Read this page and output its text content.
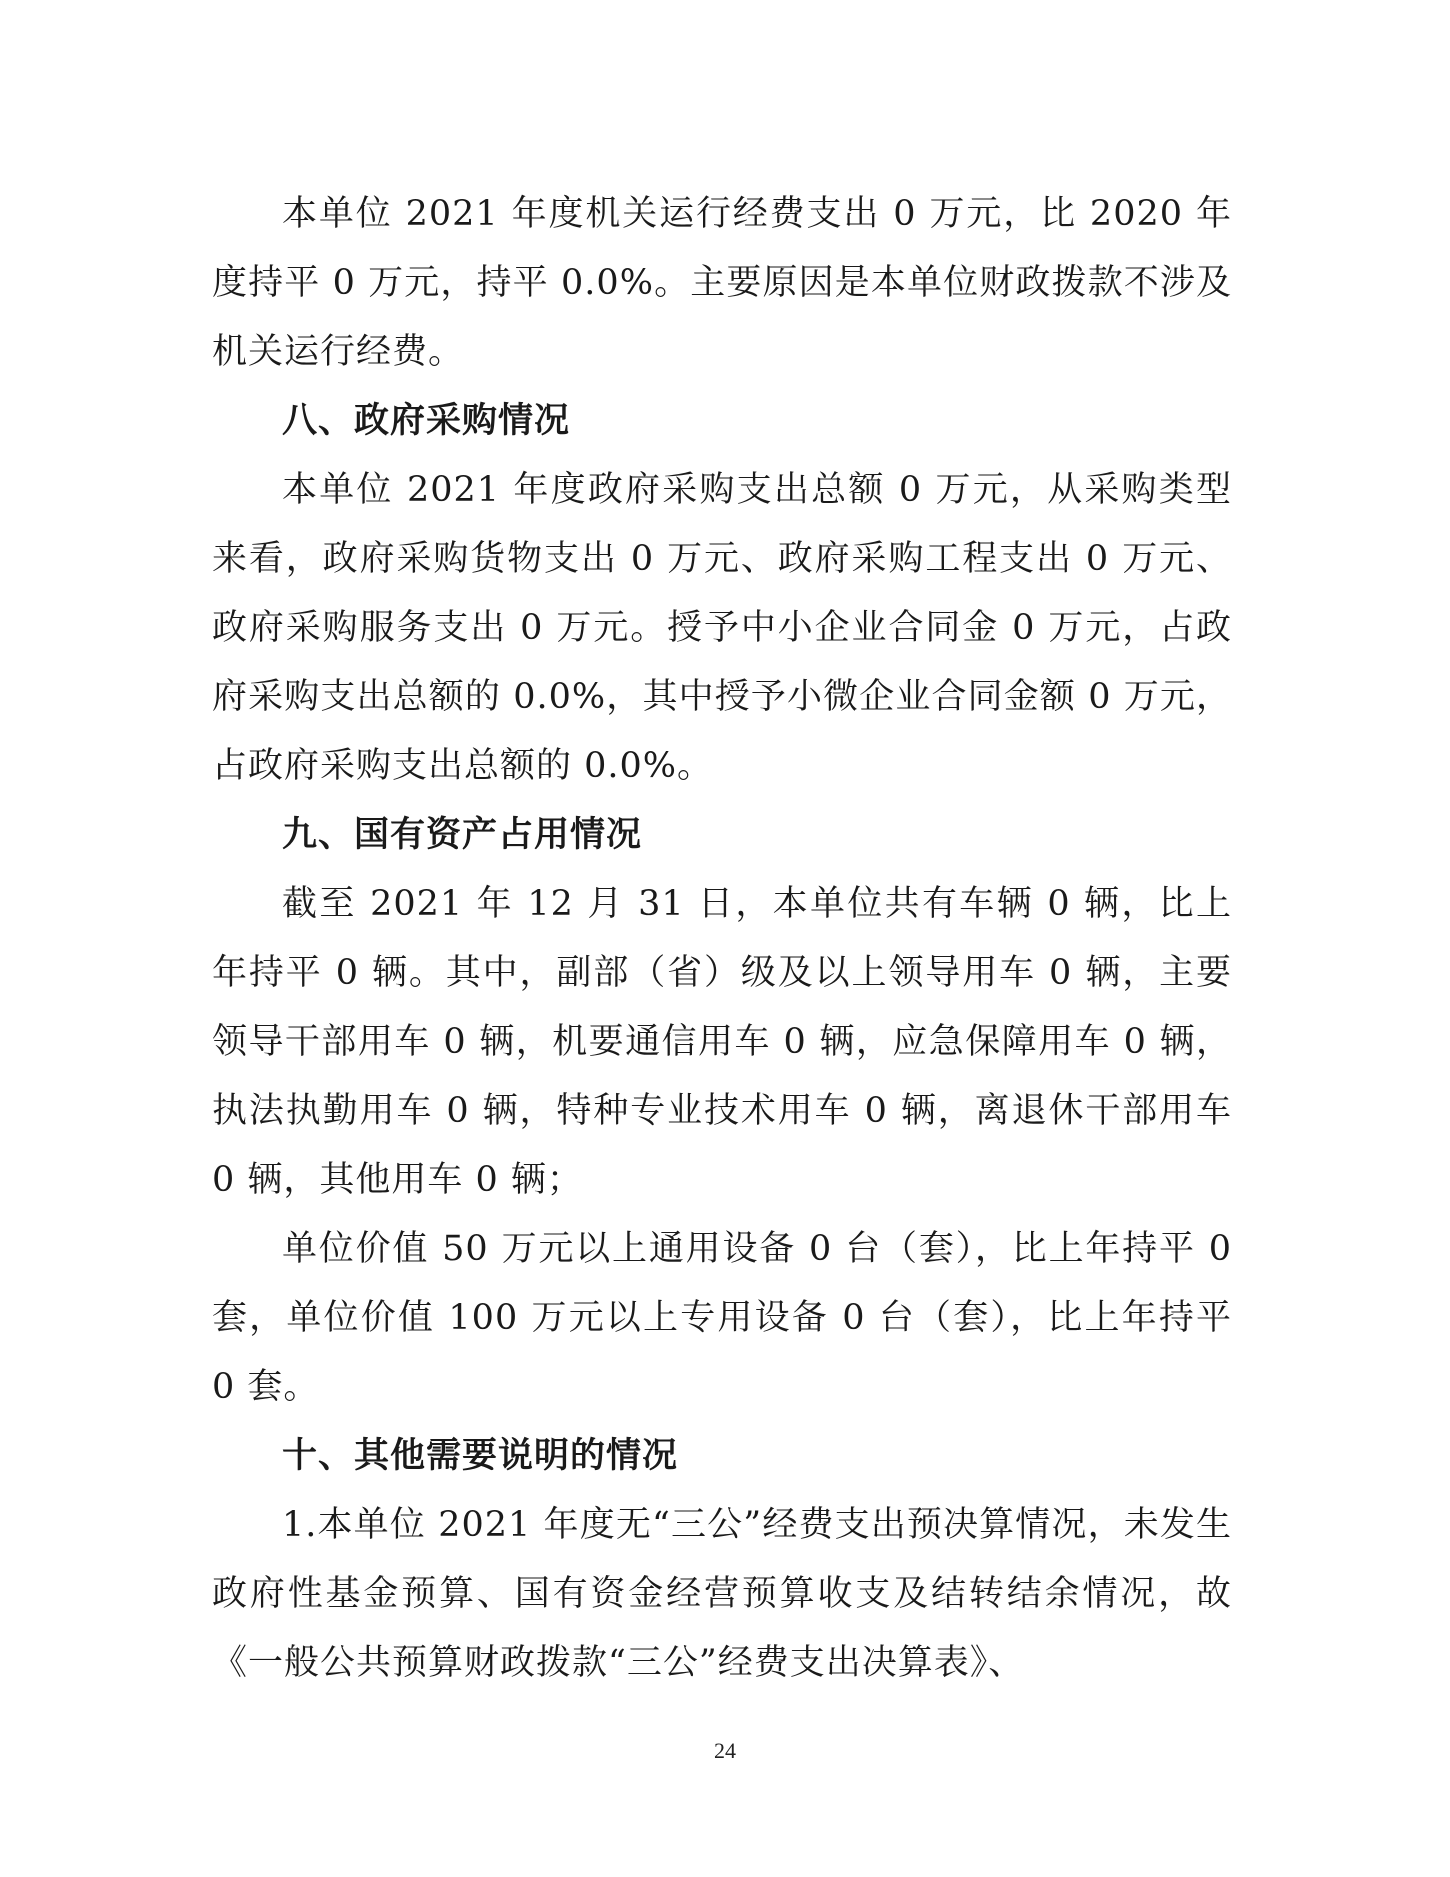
本单位 2021 年度机关运行经费支出 0 万元，比 2020 年度持平 0 万元，持平 0.0%。主要原因是本单位财政拨款不涉及机关运行经费。

八、政府采购情况

本单位 2021 年度政府采购支出总额 0 万元，从采购类型来看，政府采购货物支出 0 万元、政府采购工程支出 0 万元、政府采购服务支出 0 万元。授予中小企业合同金 0 万元，占政府采购支出总额的 0.0%，其中授予小微企业合同金额 0 万元，占政府采购支出总额的 0.0%。

九、国有资产占用情况

截至 2021 年 12 月 31 日，本单位共有车辆 0 辆，比上年持平 0 辆。其中，副部（省）级及以上领导用车 0 辆，主要领导干部用车 0 辆，机要通信用车 0 辆，应急保障用车 0 辆，执法执勤用车 0 辆，特种专业技术用车 0 辆，离退休干部用车 0 辆，其他用车 0 辆；

单位价值 50 万元以上通用设备 0 台（套），比上年持平 0 套，单位价值 100 万元以上专用设备 0 台（套），比上年持平 0 套。

十、其他需要说明的情况

1.本单位 2021 年度无“三公”经费支出预决算情况，未发生政府性基金预算、国有资金经营预算收支及结转结余情况，故《一般公共预算财政拨款“三公”经费支出决算表》、

24
